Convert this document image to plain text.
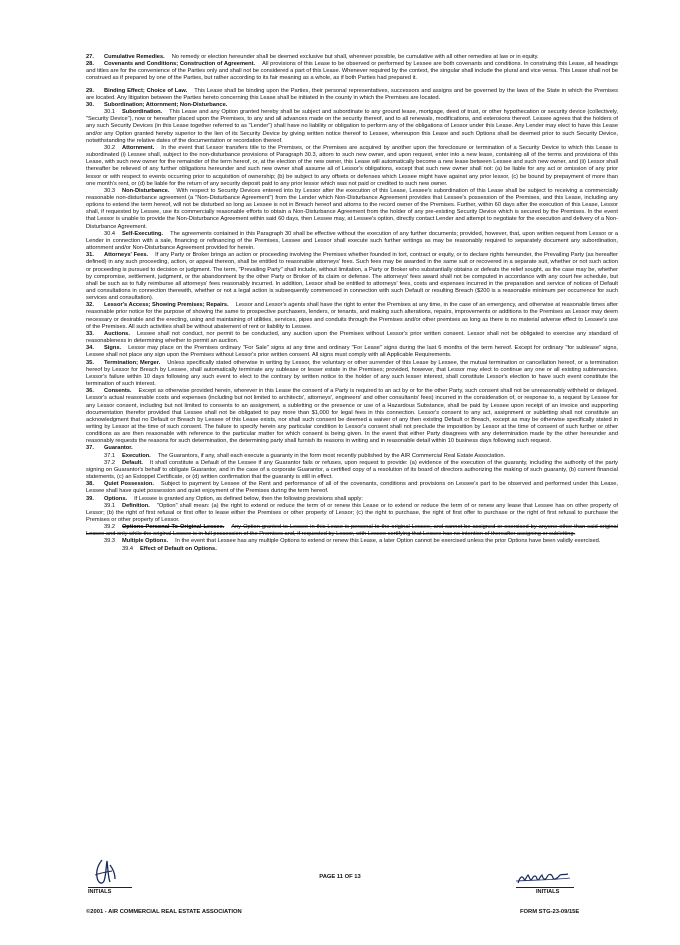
27. Cumulative Remedies. No remedy or election hereunder shall be deemed exclusive but shall, wherever possible, be cumulative with all other remedies at law or in equity.
28. Covenants and Conditions; Construction of Agreement. All provisions of this Lease to be observed or performed by Lessee are both covenants and conditions. In construing this Lease, all headings and titles are for the convenience of the Parties only and shall not be considered a part of this Lease. Whenever required by the context, the singular shall include the plural and vice versa. This Lease shall not be construed as if prepared by one of the Parties, but rather according to its fair meaning as a whole, as if both Parties had prepared it.
29. Binding Effect; Choice of Law. This Lease shall be binding upon the Parties, their personal representatives, successors and assigns and be governed by the laws of the State in which the Premises are located. Any litigation between the Parties hereto concerning this Lease shall be initiated in the county in which the Premises are located.
30. Subordination; Attornment; Non-Disturbance.
30.1 Subordination. This Lease and any Option granted hereby shall be subject and subordinate to any ground lease, mortgage, deed of trust, or other hypothecation or security device (collectively, "Security Device"), now or hereafter placed upon the Premises, to any and all advances made on the security thereof, and to all renewals, modifications, and extensions thereof. Lessee agrees that the holders of any such Security Devices (in this Lease together referred to as "Lender") shall have no liability or obligation to perform any of the obligations of Lessor under this Lease. Any Lender may elect to have this Lease and/or any Option granted hereby superior to the lien of its Security Device by giving written notice thereof to Lessee, whereupon this Lease and such Options shall be deemed prior to such Security Device, notwithstanding the relative dates of the documentation or recordation thereof.
30.2 Attornment. In the event that Lessor transfers title to the Premises, or the Premises are acquired by another upon the foreclosure or termination of a Security Device to which this Lease is subordinated (i) Lessee shall, subject to the non-disturbance provisions of Paragraph 30.3, attorn to such new owner, and upon request, enter into a new lease, containing all of the terms and provisions of this Lease, with such new owner for the remainder of the term hereof, or, at the election of the new owner, this Lease will automatically become a new lease between Lessee and such new owner, and (ii) Lessor shall thereafter be relieved of any further obligations hereunder and such new owner shall assume all of Lessor's obligations, except that such new owner shall not: (a) be liable for any act or omission of any prior lessor or with respect to events occurring prior to acquisition of ownership; (b) be subject to any offsets or defenses which Lessee might have against any prior lessor, (c) be bound by prepayment of more than one month's rent, or (d) be liable for the return of any security deposit paid to any prior lessor which was not paid or credited to such new owner.
30.3 Non-Disturbance. With respect to Security Devices entered into by Lessor after the execution of this Lease, Lessee's subordination of this Lease shall be subject to receiving a commercially reasonable non-disturbance agreement (a "Non-Disturbance Agreement") from the Lender which Non-Disturbance Agreement provides that Lessee's possession of the Premises, and this Lease, including any options to extend the term hereof, will not be disturbed so long as Lessee is not in Breach hereof and attorns to the record owner of the Premises. Further, within 60 days after the execution of this Lease, Lessor shall, if requested by Lessee, use its commercially reasonable efforts to obtain a Non-Disturbance Agreement from the holder of any pre-existing Security Device which is secured by the Premises. In the event that Lessor is unable to provide the Non-Disturbance Agreement within said 60 days, then Lessee may, at Lessee's option, directly contact Lender and attempt to negotiate for the execution and delivery of a Non-Disturbance Agreement.
30.4 Self-Executing. The agreements contained in this Paragraph 30 shall be effective without the execution of any further documents; provided, however, that, upon written request from Lessor or a Lender in connection with a sale, financing or refinancing of the Premises, Lessee and Lessor shall execute such further writings as may be reasonably required to separately document any subordination, attornment and/or Non-Disturbance Agreement provided for herein.
31. Attorneys' Fees. If any Party or Broker brings an action or proceeding involving the Premises whether founded in tort, contract or equity, or to declare rights hereunder, the Prevailing Party (as hereafter defined) in any such proceeding, action, or appeal thereon, shall be entitled to reasonable attorneys' fees. Such fees may be awarded in the same suit or recovered in a separate suit, whether or not such action or proceeding is pursued to decision or judgment. The term, "Prevailing Party" shall include, without limitation, a Party or Broker who substantially obtains or defeats the relief sought, as the case may be, whether by compromise, settlement, judgment, or the abandonment by the other Party or Broker of its claim or defense. The attorneys' fees award shall not be computed in accordance with any court fee schedule, but shall be such as to fully reimburse all attorneys' fees reasonably incurred. In addition, Lessor shall be entitled to attorneys' fees, costs and expenses incurred in the preparation and service of notices of Default and consultations in connection therewith, whether or not a legal action is subsequently commenced in connection with such Default or resulting Breach ($200 is a reasonable minimum per occurrence for such services and consultation).
32. Lessor's Access; Showing Premises; Repairs. Lessor and Lessor's agents shall have the right to enter the Premises at any time, in the case of an emergency, and otherwise at reasonable times after reasonable prior notice for the purpose of showing the same to prospective purchasers, lenders, or tenants, and making such alterations, repairs, improvements or additions to the Premises as Lessor may deem necessary or desirable and the erecting, using and maintaining of utilities, services, pipes and conduits through the Premises and/or other premises as long as there is no material adverse effect to Lessee's use of the Premises. All such activities shall be without abatement of rent or liability to Lessee.
33. Auctions. Lessee shall not conduct, nor permit to be conducted, any auction upon the Premises without Lessor's prior written consent. Lessor shall not be obligated to exercise any standard of reasonableness in determining whether to permit an auction.
34. Signs. Lessor may place on the Premises ordinary "For Sale" signs at any time and ordinary "For Lease" signs during the last 6 months of the term hereof. Except for ordinary "for sublease" signs, Lessee shall not place any sign upon the Premises without Lessor's prior written consent. All signs must comply with all Applicable Requirements.
35. Termination; Merger. Unless specifically stated otherwise in writing by Lessor, the voluntary or other surrender of this Lease by Lessee, the mutual termination or cancellation hereof, or a termination hereof by Lessor for Breach by Lessee, shall automatically terminate any sublease or lesser estate in the Premises; provided, however, that Lessor may elect to continue any one or all existing subtenancies. Lessor's failure within 10 days following any such event to elect to the contrary by written notice to the holder of any such lesser interest, shall constitute Lessor's election to have such event constitute the termination of such interest.
36. Consents. Except as otherwise provided herein, wherever in this Lease the consent of a Party is required to an act by or for the other Party, such consent shall not be unreasonably withheld or delayed. Lessor's actual reasonable costs and expenses (including but not limited to architects', attorneys', engineers' and other consultants' fees) incurred in the consideration of, or response to, a request by Lessee for any Lessor consent, including but not limited to consents to an assignment, a subletting or the presence or use of a Hazardous Substance, shall be paid by Lessee upon receipt of an invoice and supporting documentation therefor provided that Lessee shall not be obligated to pay more than $1,000 for legal fees in this connection. Lessor's consent to any act, assignment or subletting shall not constitute an acknowledgment that no Default or Breach by Lessee of this Lease exists, nor shall such consent be deemed a waiver of any then existing Default or Breach, except as may be otherwise specifically stated in writing by Lessor at the time of such consent. The failure to specify herein any particular condition to Lessor's consent shall not preclude the imposition by Lessor at the time of consent of such further or other conditions as are then reasonable with reference to the particular matter for which consent is being given. In the event that either Party disagrees with any determination made by the other hereunder and reasonably requests the reasons for such determination, the determining party shall furnish its reasons in writing and in reasonable detail within 10 business days following such request.
37. Guarantor.
37.1 Execution. The Guarantors, if any, shall each execute a guaranty in the form most recently published by the AIR Commercial Real Estate Association.
37.2 Default. It shall constitute a Default of the Lessee if any Guarantor fails or refuses, upon request to provide: (a) evidence of the execution of the guaranty, including the authority of the party signing on Guarantor's behalf to obligate Guarantor, and in the case of a corporate Guarantor, a certified copy of a resolution of its board of directors authorizing the making of such guaranty, (b) current financial statements, (c) an Estoppel Certificate, or (d) written confirmation that the guaranty is still in effect.
38. Quiet Possession. Subject to payment by Lessee of the Rent and performance of all of the covenants, conditions and provisions on Lessee's part to be observed and performed under this Lease, Lessee shall have quiet possession and quiet enjoyment of the Premises during the term hereof.
39. Options. If Lessee is granted any Option, as defined below, then the following provisions shall apply:
39.1 Definition. "Option" shall mean: (a) the right to extend or reduce the term of or renew this Lease or to extend or reduce the term of or renew any lease that Lessee has on other property of Lessor; (b) the right of first refusal or first offer to lease either the Premises or other property of Lessor; (c) the right to purchase, the right of first offer to purchase or the right of first refusal to purchase the Premises or other property of Lessor.
39.2 Options Personal To Original Lessee. Any Option granted to Lessee in this Lease is personal to the original Lessee, and cannot be assigned or exercised by anyone other than said original Lessee and only while the original Lessee is in full possession of the Premises and, if requested by Lessor, with Lessee certifying that Lessee has no intention of thereafter assigning or subletting.
39.3 Multiple Options. In the event that Lessee has any multiple Options to extend or renew this Lease, a later Option cannot be exercised unless the prior Options have been validly exercised.
39.4 Effect of Default on Options.
INITIALS
PAGE 11 OF 13
INITIALS
©2001 - AIR COMMERCIAL REAL ESTATE ASSOCIATION	FORM STG-23-09/15E
